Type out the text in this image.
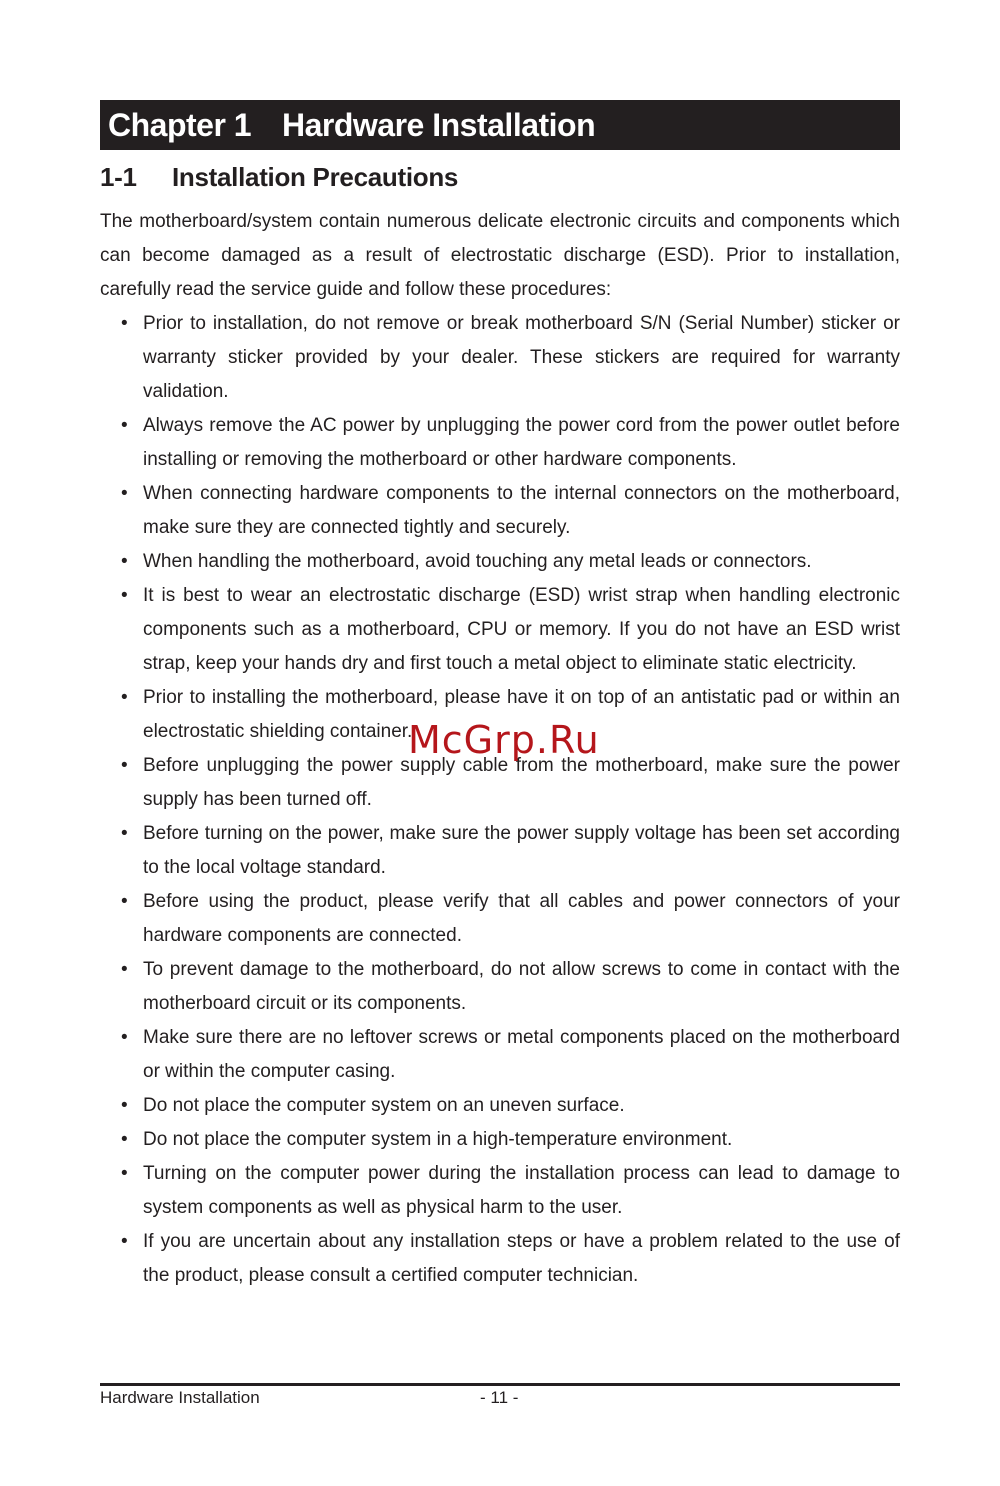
Chapter 1 Hardware Installation
1-1 Installation Precautions

The motherboard/system contain numerous delicate electronic circuits and components which can become damaged as a result of electrostatic discharge (ESD). Prior to installation, carefully read the service guide and follow these procedures:

• Prior to installation, do not remove or break motherboard S/N (Serial Number) sticker or warranty sticker provided by your dealer. These stickers are required for warranty validation.
• Always remove the AC power by unplugging the power cord from the power outlet before installing or removing the motherboard or other hardware components.
• When connecting hardware components to the internal connectors on the motherboard, make sure they are connected tightly and securely.
• When handling the motherboard, avoid touching any metal leads or connectors.
• It is best to wear an electrostatic discharge (ESD) wrist strap when handling electronic components such as a motherboard, CPU or memory. If you do not have an ESD wrist strap, keep your hands dry and first touch a metal object to eliminate static electricity.
• Prior to installing the motherboard, please have it on top of an antistatic pad or within an electrostatic shielding container.
• Before unplugging the power supply cable from the motherboard, make sure the power supply has been turned off.
• Before turning on the power, make sure the power supply voltage has been set according to the local voltage standard.
• Before using the product, please verify that all cables and power connectors of your hardware components are connected.
• To prevent damage to the motherboard, do not allow screws to come in contact with the motherboard circuit or its components.
• Make sure there are no leftover screws or metal components placed on the motherboard or within the computer casing.
• Do not place the computer system on an uneven surface.
• Do not place the computer system in a high-temperature environment.
• Turning on the computer power during the installation process can lead to damage to system components as well as physical harm to the user.
• If you are uncertain about any installation steps or have a problem related to the use of the product, please consult a certified computer technician.
McGrp.Ru
Hardware Installation	- 11 -
